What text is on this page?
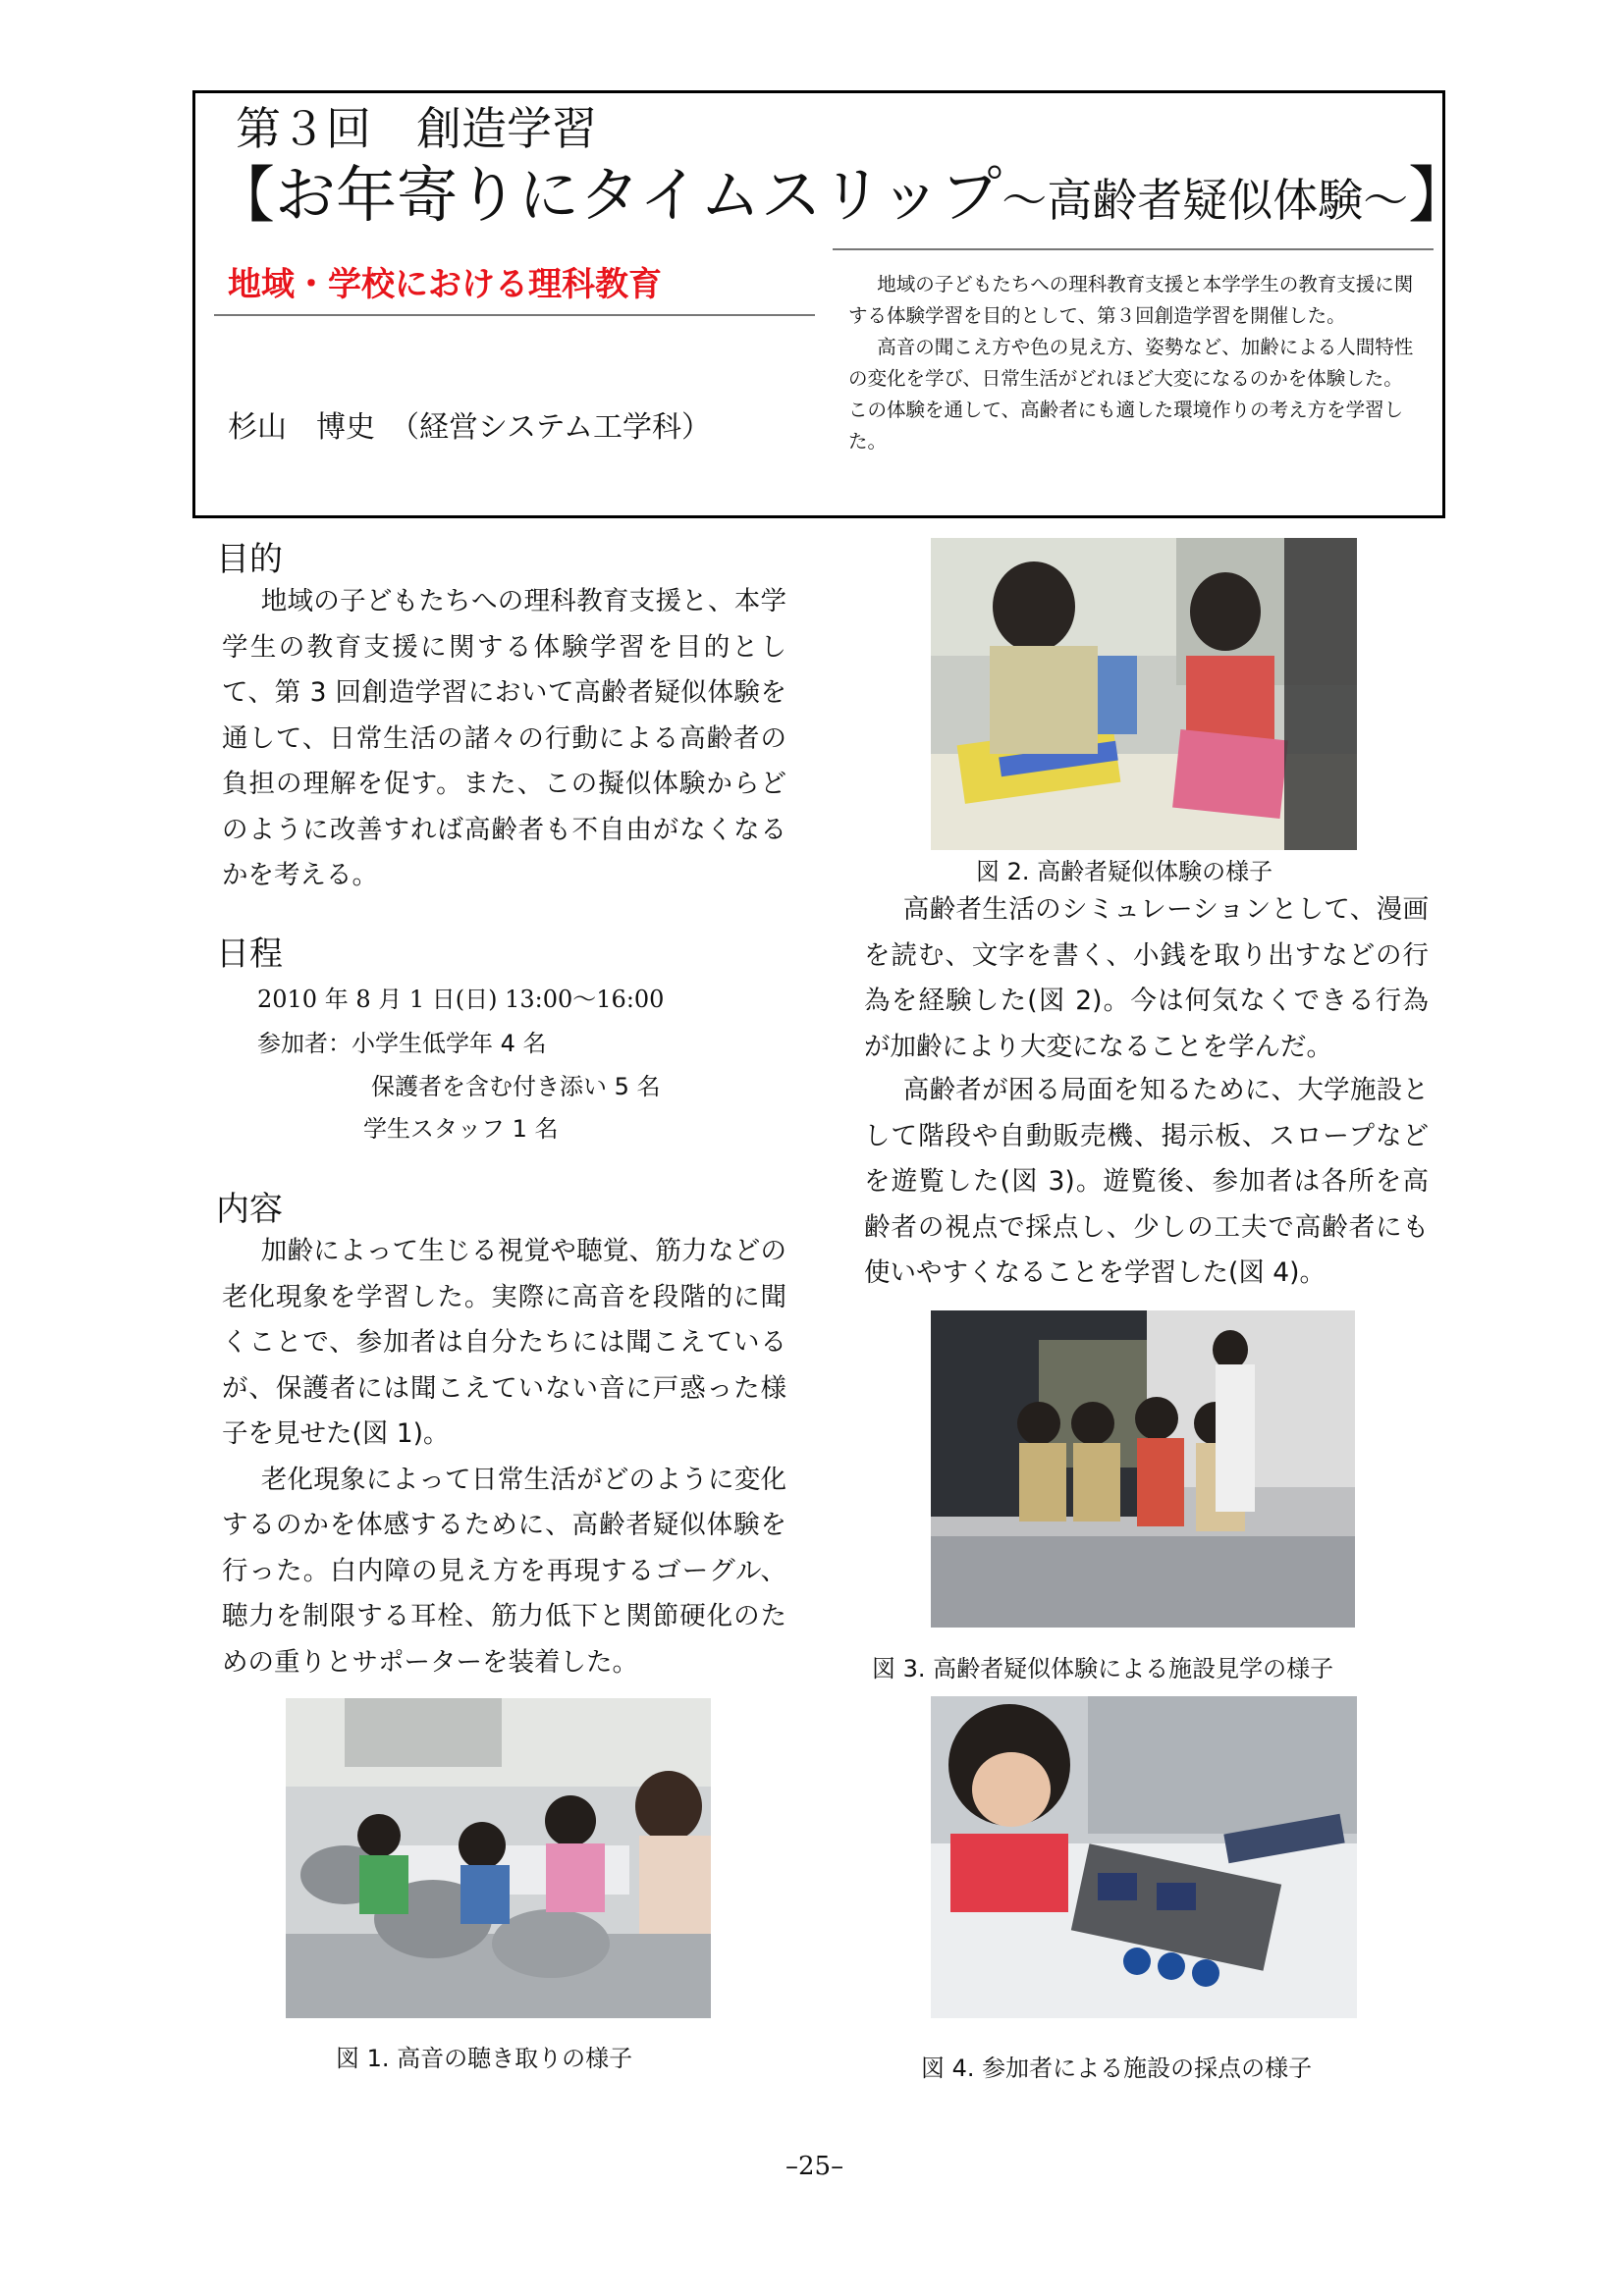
第３回　創造学習
【お年寄りにタイムスリップ～高齢者疑似体験～】
地域・学校における理科教育
杉山　博史　（経営システム工学科）

地域の子どもたちへの理科教育支援と本学学生の教育支援に関する体験学習を目的として、第３回創造学習を開催した。

高音の聞こえ方や色の見え方、姿勢など、加齢による人間特性の変化を学び、日常生活がどれほど大変になるのかを体験した。この体験を通して、高齢者にも適した環境作りの考え方を学習した。

目的

地域の子どもたちへの理科教育支援と、本学学生の教育支援に関する体験学習を目的として、第 3 回創造学習において高齢者疑似体験を通して、日常生活の諸々の行動による高齢者の負担の理解を促す。また、この擬似体験からどのように改善すれば高齢者も不自由がなくなるかを考える。

日程
2010 年 8 月 1 日(日) 13:00〜16:00
参加者：小学生低学年 4 名
保護者を含む付き添い 5 名
学生スタッフ 1 名
内容

加齢によって生じる視覚や聴覚、筋力などの老化現象を学習した。実際に高音を段階的に聞くことで、参加者は自分たちには聞こえているが、保護者には聞こえていない音に戸惑った様子を見せた(図 1)。

老化現象によって日常生活がどのように変化するのかを体感するために、高齢者疑似体験を行った。白内障の見え方を再現するゴーグル、聴力を制限する耳栓、筋力低下と関節硬化のための重りとサポーターを装着した。

高齢者生活のシミュレーションとして、漫画を読む、文字を書く、小銭を取り出すなどの行為を経験した(図 2)。今は何気なくできる行為が加齢により大変になることを学んだ。

高齢者が困る局面を知るために、大学施設として階段や自動販売機、掲示板、スロープなどを遊覧した(図 3)。遊覧後、参加者は各所を高齢者の視点で採点し、少しの工夫で高齢者にも使いやすくなることを学習した(図 4)。

図 2. 高齢者疑似体験の様子
図 3. 高齢者疑似体験による施設見学の様子
図 4. 参加者による施設の採点の様子
図 1. 高音の聴き取りの様子
–25–
